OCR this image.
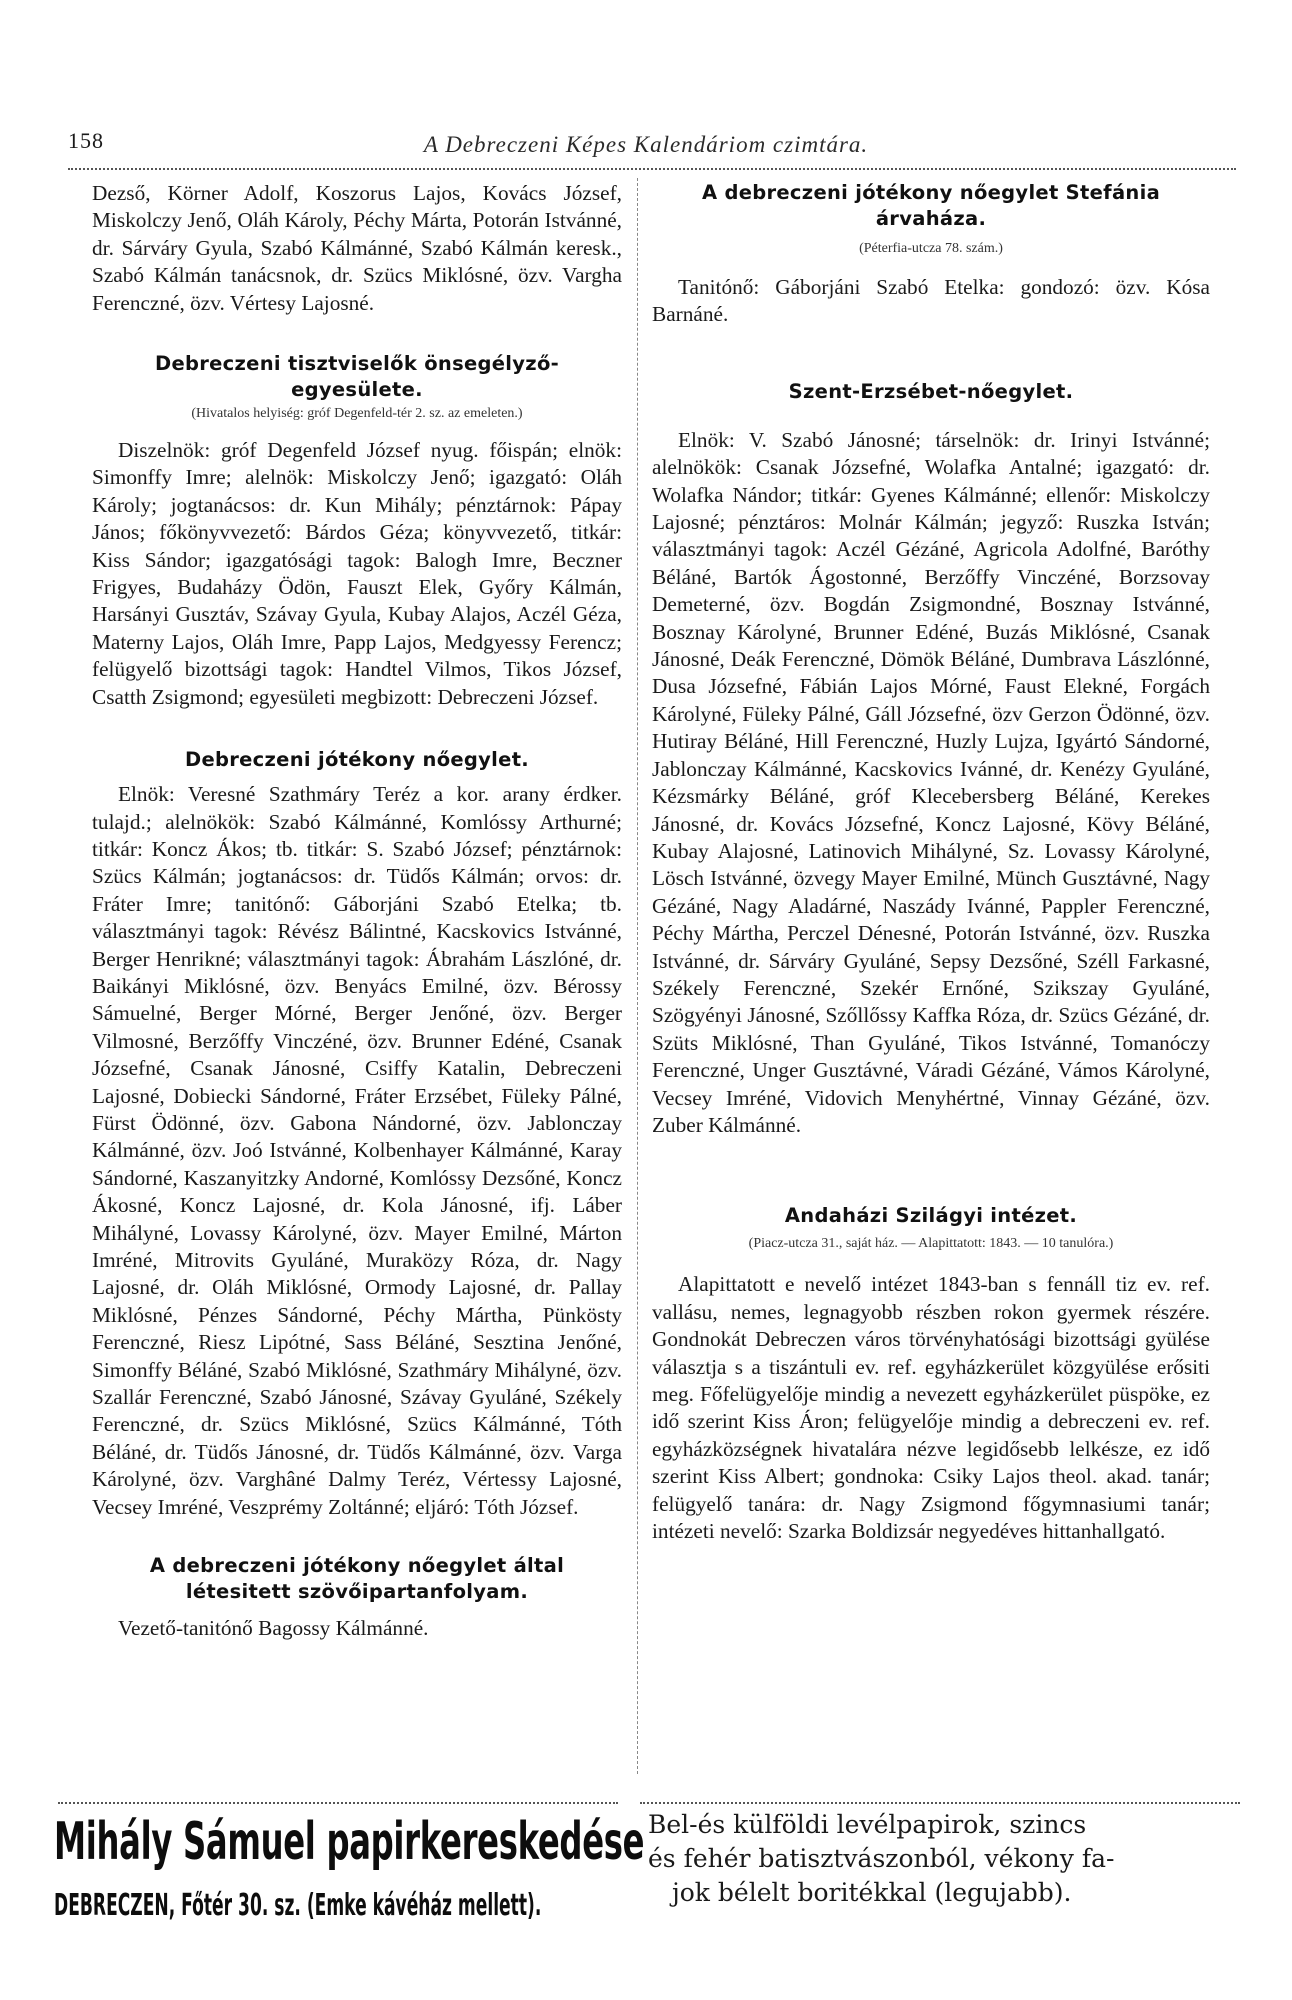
158	A Debreczeni Képes Kalendáriom czimtára.

Dezső, Körner Adolf, Koszorus Lajos, Kovács József, Miskolczy Jenő, Oláh Károly, Péchy Márta, Potorán Istvánné, dr. Sárváry Gyula, Szabó Kálmánné, Szabó Kálmán keresk., Szabó Kálmán tanácsnok, dr. Szücs Miklósné, özv. Vargha Ferenczné, özv. Vértesy Lajosné.

Debreczeni tisztviselők önsegélyző-egyesülete.

(Hivatalos helyiség: gróf Degenfeld-tér 2. sz. az emeleten.)

Diszelnök: gróf Degenfeld József nyug. főispán; elnök: Simonffy Imre; alelnök: Miskolczy Jenő; igazgató: Oláh Károly; jogtanácsos: dr. Kun Mihály; pénztárnok: Pápay János; főkönyvvezető: Bárdos Géza; könyvvezető, titkár: Kiss Sándor; igazgatósági tagok: Balogh Imre, Beczner Frigyes, Budaházy Ödön, Fauszt Elek, Győry Kálmán, Harsányi Gusztáv, Szávay Gyula, Kubay Alajos, Aczél Géza, Materny Lajos, Oláh Imre, Papp Lajos, Medgyessy Ferencz; felügyelő bizottsági tagok: Handtel Vilmos, Tikos József, Csatth Zsigmond; egyesületi megbizott: Debreczeni József.

Debreczeni jótékony nőegylet.

Elnök: Veresné Szathmáry Teréz a kor. arany érdker. tulajd.; alelnökök: Szabó Kálmánné, Komlóssy Arthurné; titkár: Koncz Ákos; tb. titkár: S. Szabó József; pénztárnok: Szücs Kálmán; jogtanácsos: dr. Tüdős Kálmán; orvos: dr. Fráter Imre; tanitónő: Gáborjáni Szabó Etelka; tb. választmányi tagok: Révész Bálintné, Kacskovics Istvánné, Berger Henrikné; választmányi tagok: Ábrahám Lászlóné, dr. Baikányi Miklósné, özv. Benyács Emilné, özv. Bérossy Sámuelné, Berger Mórné, Berger Jenőné, özv. Berger Vilmosné, Berzőffy Vinczéné, özv. Brunner Edéné, Csanak Józsefné, Csanak Jánosné, Csiffy Katalin, Debreczeni Lajosné, Dobiecki Sándorné, Fráter Erzsébet, Füleky Pálné, Fürst Ödönné, özv. Gabona Nándorné, özv. Jablonczay Kálmánné, özv. Joó Istvánné, Kolbenhayer Kálmánné, Karay Sándorné, Kaszanyitzky Andorné, Komlóssy Dezsőné, Koncz Ákosné, Koncz Lajosné, dr. Kola Jánosné, ifj. Láber Mihályné, Lovassy Károlyné, özv. Mayer Emilné, Márton Imréné, Mitrovits Gyuláné, Muraközy Róza, dr. Nagy Lajosné, dr. Oláh Miklósné, Ormody Lajosné, dr. Pallay Miklósné, Pénzes Sándorné, Péchy Mártha, Pünkösty Ferenczné, Riesz Lipótné, Sass Béláné, Sesztina Jenőné, Simonffy Béláné, Szabó Miklósné, Szathmáry Mihályné, özv. Szallár Ferenczné, Szabó Jánosné, Szávay Gyuláné, Székely Ferenczné, dr. Szücs Miklósné, Szücs Kálmánné, Tóth Béláné, dr. Tüdős Jánosné, dr. Tüdős Kálmánné, özv. Varga Károlyné, özv. Varghâné Dalmy Teréz, Vértessy Lajosné, Vecsey Imréné, Veszprémy Zoltánné; eljáró: Tóth József.

A debreczeni jótékony nőegylet által létesitett szövőipartanfolyam.

Vezető-tanitónő Bagossy Kálmánné.

A debreczeni jótékony nőegylet Stefánia árvaháza.

(Péterfia-utcza 78. szám.)

Tanitónő: Gáborjáni Szabó Etelka: gondozó: özv. Kósa Barnáné.

Szent-Erzsébet-nőegylet.

Elnök: V. Szabó Jánosné; társelnök: dr. Irinyi Istvánné; alelnökök: Csanak Józsefné, Wolafka Antalné; igazgató: dr. Wolafka Nándor; titkár: Gyenes Kálmánné; ellenőr: Miskolczy Lajosné; pénztáros: Molnár Kálmán; jegyző: Ruszka István; választmányi tagok: Aczél Gézáné, Agricola Adolfné, Baróthy Béláné, Bartók Ágostonné, Berzőffy Vinczéné, Borzsovay Demeterné, özv. Bogdán Zsigmondné, Bosznay Istvánné, Bosznay Károlyné, Brunner Edéné, Buzás Miklósné, Csanak Jánosné, Deák Ferenczné, Dömök Béláné, Dumbrava Lászlónné, Dusa Józsefné, Fábián Lajos Mórné, Faust Elekné, Forgách Károlyné, Füleky Pálné, Gáll Józsefné, özv Gerzon Ödönné, özv. Hutiray Béláné, Hill Ferenczné, Huzly Lujza, Igyártó Sándorné, Jablonczay Kálmánné, Kacskovics Ivánné, dr. Kenézy Gyuláné, Kézsmárky Béláné, gróf Klecebersberg Béláné, Kerekes Jánosné, dr. Kovács Józsefné, Koncz Lajosné, Kövy Béláné, Kubay Alajosné, Latinovich Mihályné, Sz. Lovassy Károlyné, Lösch Istvánné, özvegy Mayer Emilné, Münch Gusztávné, Nagy Gézáné, Nagy Aladárné, Naszády Ivánné, Pappler Ferenczné, Péchy Mártha, Perczel Dénesné, Potorán Istvánné, özv. Ruszka Istvánné, dr. Sárváry Gyuláné, Sepsy Dezsőné, Széll Farkasné, Székely Ferenczné, Szekér Ernőné, Szikszay Gyuláné, Szögyényi Jánosné, Szőllőssy Kaffka Róza, dr. Szücs Gézáné, dr. Szüts Miklósné, Than Gyuláné, Tikos Istvánné, Tomanóczy Ferenczné, Unger Gusztávné, Váradi Gézáné, Vámos Károlyné, Vecsey Imréné, Vidovich Menyhértné, Vinnay Gézáné, özv. Zuber Kálmánné.

Andaházi Szilágyi intézet.

(Piacz-utcza 31., saját ház. — Alapittatott: 1843. — 10 tanulóra.)

Alapittatott e nevelő intézet 1843-ban s fennáll tiz ev. ref. vallásu, nemes, legnagyobb részben rokon gyermek részére. Gondnokát Debreczen város törvényhatósági bizottsági gyülése választja s a tiszántuli ev. ref. egyházkerület közgyülése erősiti meg. Főfelügyelője mindig a nevezett egyházkerület püspöke, ez idő szerint Kiss Áron; felügyelője mindig a debreczeni ev. ref. egyházközségnek hivatalára nézve legidősebb lelkésze, ez idő szerint Kiss Albert; gondnoka: Csiky Lajos theol. akad. tanár; felügyelő tanára: dr. Nagy Zsigmond főgymnasiumi tanár; intézeti nevelő: Szarka Boldizsár negyedéves hittanhallgató.

Mihály Sámuel papirkereskedése
DEBRECZEN, Főtér 30. sz. (Emke kávéház mellett).
Bel-és külföldi levélpapirok, szincs
és fehér batisztvászonból, vékony fa-
jok bélelt boritékkal (legujabb).
